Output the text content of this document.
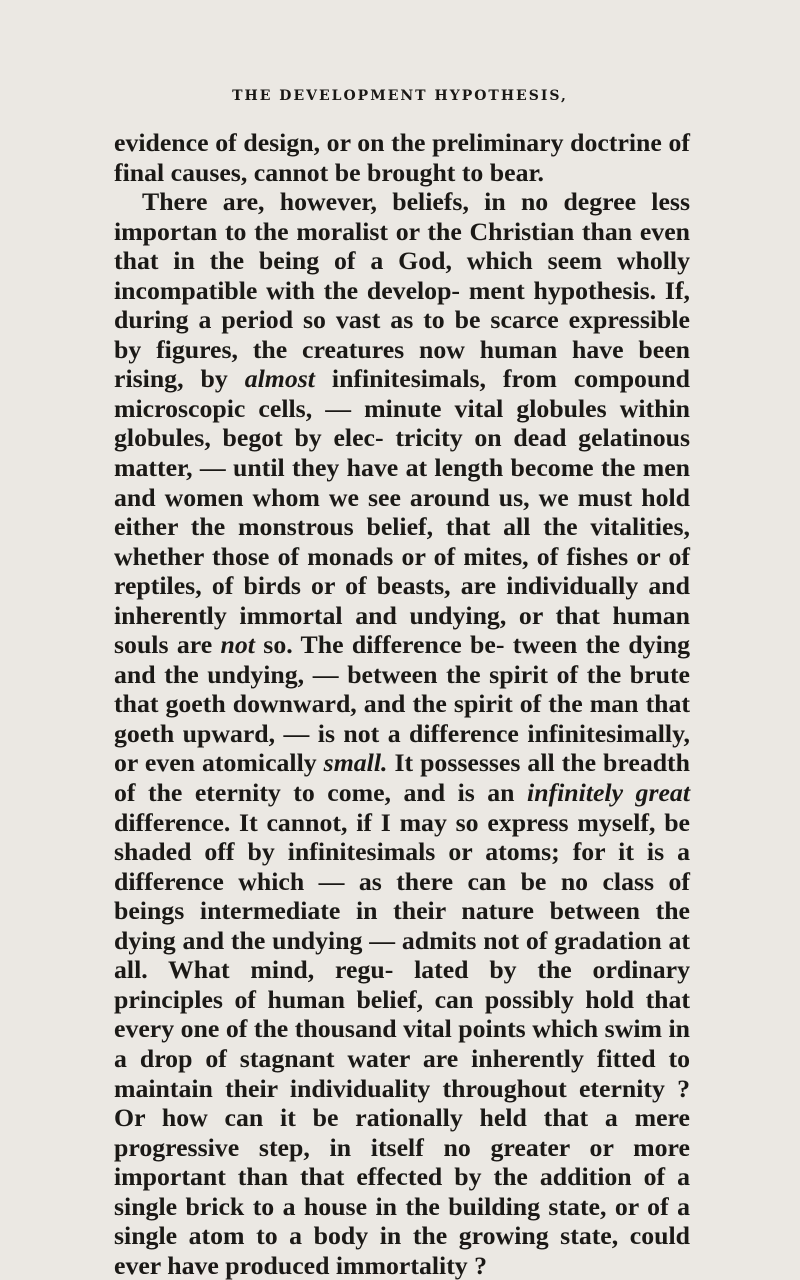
THE DEVELOPMENT HYPOTHESIS,

evidence of design, or on the preliminary doctrine of final causes, cannot be brought to bear.

There are, however, beliefs, in no degree less importan to the moralist or the Christian than even that in the being of a God, which seem wholly incompatible with the develop- ment hypothesis. If, during a period so vast as to be scarce expressible by figures, the creatures now human have been rising, by almost infinitesimals, from compound microscopic cells, — minute vital globules within globules, begot by elec- tricity on dead gelatinous matter, — until they have at length become the men and women whom we see around us, we must hold either the monstrous belief, that all the vitalities, whether those of monads or of mites, of fishes or of reptiles, of birds or of beasts, are individually and inherently immortal and undying, or that human souls are not so. The difference be- tween the dying and the undying, — between the spirit of the brute that goeth downward, and the spirit of the man that goeth upward, — is not a difference infinitesimally, or even atomically small. It possesses all the breadth of the eternity to come, and is an infinitely great difference. It cannot, if I may so express myself, be shaded off by infinitesimals or atoms; for it is a difference which — as there can be no class of beings intermediate in their nature between the dying and the undying — admits not of gradation at all. What mind, regu- lated by the ordinary principles of human belief, can possibly hold that every one of the thousand vital points which swim in a drop of stagnant water are inherently fitted to maintain their individuality throughout eternity ? Or how can it be rationally held that a mere progressive step, in itself no greater or more important than that effected by the addition of a single brick to a house in the building state, or of a single atom to a body in the growing state, could ever have produced immortality ?
